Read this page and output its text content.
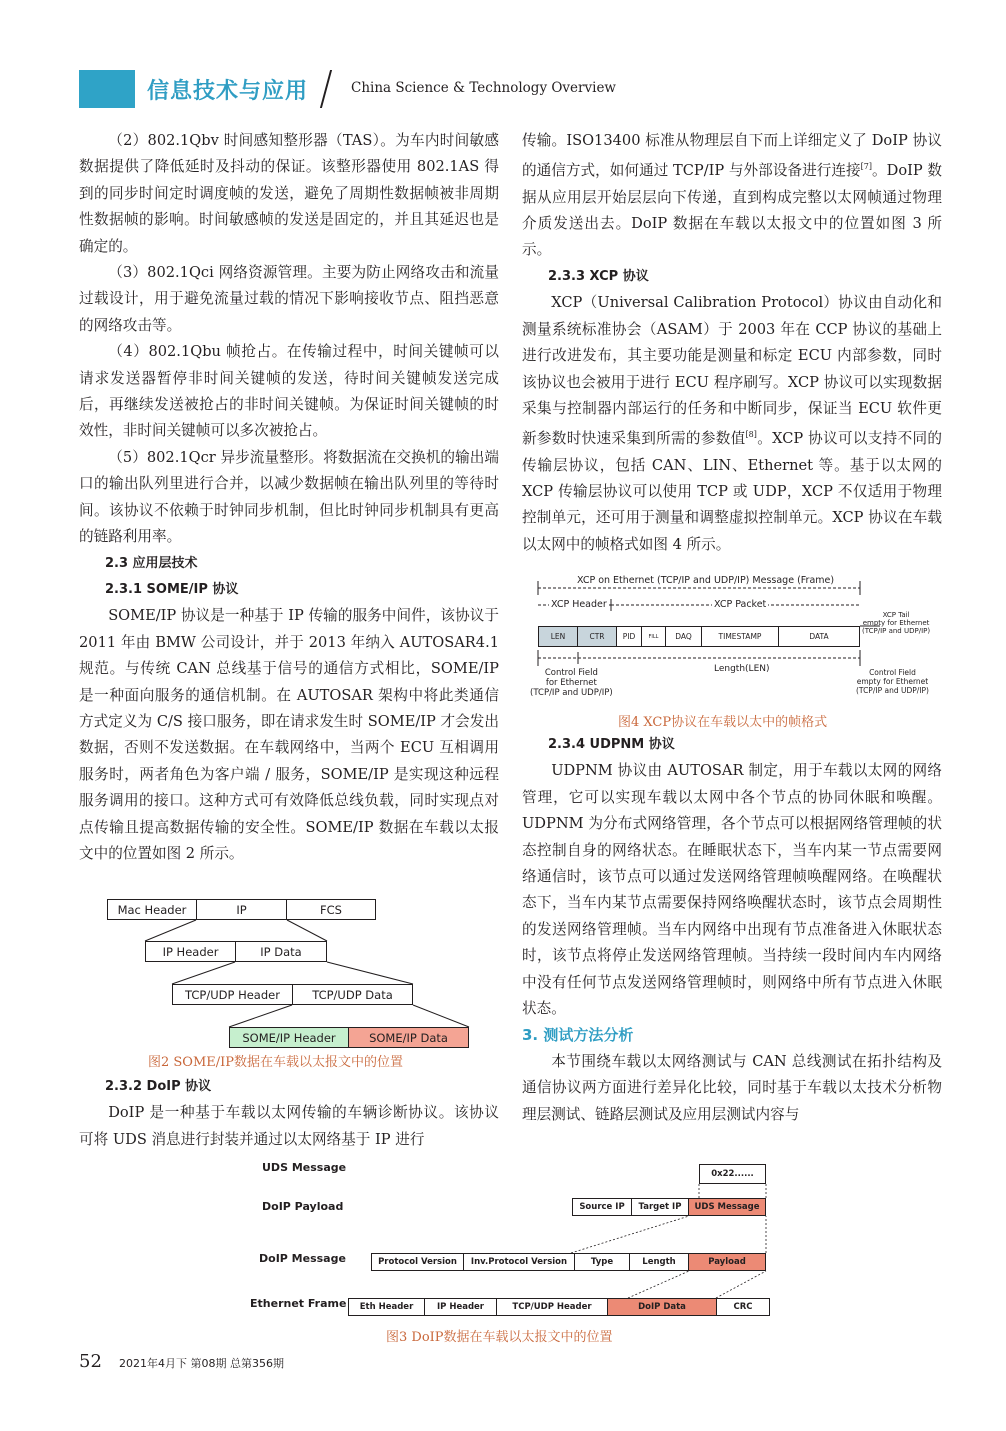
信息技术与应用	China Science & Technology Overview

（2）802.1Qbv 时间感知整形器（TAS）。为车内时间敏感数据提供了降低延时及抖动的保证。该整形器使用 802.1AS 得到的同步时间定时调度帧的发送，避免了周期性数据帧被非周期性数据帧的影响。时间敏感帧的发送是固定的，并且其延迟也是确定的。

（3）802.1Qci 网络资源管理。主要为防止网络攻击和流量过载设计，用于避免流量过载的情况下影响接收节点、阻挡恶意的网络攻击等。

（4）802.1Qbu 帧抢占。在传输过程中，时间关键帧可以请求发送器暂停非时间关键帧的发送，待时间关键帧发送完成后，再继续发送被抢占的非时间关键帧。为保证时间关键帧的时效性，非时间关键帧可以多次被抢占。

（5）802.1Qcr 异步流量整形。将数据流在交换机的输出端口的输出队列里进行合并，以减少数据帧在输出队列里的等待时间。该协议不依赖于时钟同步机制，但比时钟同步机制具有更高的链路利用率。

2.3 应用层技术

2.3.1 SOME/IP 协议

SOME/IP 协议是一种基于 IP 传输的服务中间件，该协议于 2011 年由 BMW 公司设计，并于 2013 年纳入 AUTOSAR4.1 规范。与传统 CAN 总线基于信号的通信方式相比，SOME/IP 是一种面向服务的通信机制。在 AUTOSAR 架构中将此类通信方式定义为 C/S 接口服务，即在请求发生时 SOME/IP 才会发出数据，否则不发送数据。在车载网络中，当两个 ECU 互相调用服务时，两者角色为客户端 / 服务，SOME/IP 是实现这种远程服务调用的接口。这种方式可有效降低总线负载，同时实现点对点传输且提高数据传输的安全性。SOME/IP 数据在车载以太报文中的位置如图 2 所示。

Mac Header	IP	FCS
IP Header	IP Data
TCP/UDP Header	TCP/UDP Data
SOME/IP Header	SOME/IP Data
图2 SOME/IP数据在车载以太报文中的位置

2.3.2 DoIP 协议

DoIP 是一种基于车载以太网传输的车辆诊断协议。该协议可将 UDS 消息进行封装并通过以太网络基于 IP 进行

传输。ISO13400 标准从物理层自下而上详细定义了 DoIP 协议的通信方式，如何通过 TCP/IP 与外部设备进行连接[7]。DoIP 数据从应用层开始层层向下传递，直到构成完整以太网帧通过物理介质发送出去。DoIP 数据在车载以太报文中的位置如图 3 所示。

2.3.3 XCP 协议

XCP（Universal Calibration Protocol）协议由自动化和测量系统标准协会（ASAM）于 2003 年在 CCP 协议的基础上进行改进发布，其主要功能是测量和标定 ECU 内部参数，同时该协议也会被用于进行 ECU 程序刷写。XCP 协议可以实现数据采集与控制器内部运行的任务和中断同步，保证当 ECU 软件更新参数时快速采集到所需的参数值[8]。XCP 协议可以支持不同的传输层协议，包括 CAN、LIN、Ethernet 等。基于以太网的 XCP 传输层协议可以使用 TCP 或 UDP，XCP 不仅适用于物理控制单元，还可用于测量和调整虚拟控制单元。XCP 协议在车载以太网中的帧格式如图 4 所示。

XCP on Ethernet (TCP/IP and UDP/IP) Message (Frame)
XCP Header	XCP Packet
LEN	CTR	PID	FILL	DAQ	TIMESTAMP	DATA
XCP Tail
empty for Ethernet
(TCP/IP and UDP/IP)
Length(LEN)
Control Field
for Ethernet
(TCP/IP and UDP/IP)
Control Field
empty for Ethernet
(TCP/IP and UDP/IP)
图4 XCP协议在车载以太中的帧格式

2.3.4 UDPNM 协议

UDPNM 协议由 AUTOSAR 制定，用于车载以太网的网络管理，它可以实现车载以太网中各个节点的协同休眠和唤醒。UDPNM 为分布式网络管理，各个节点可以根据网络管理帧的状态控制自身的网络状态。在睡眠状态下，当车内某一节点需要网络通信时，该节点可以通过发送网络管理帧唤醒网络。在唤醒状态下，当车内某节点需要保持网络唤醒状态时，该节点会周期性的发送网络管理帧。当车内网络中出现有节点准备进入休眠状态时，该节点将停止发送网络管理帧。当持续一段时间内车内网络中没有任何节点发送网络管理帧时，则网络中所有节点进入休眠状态。

3. 测试方法分析

本节围绕车载以太网络测试与 CAN 总线测试在拓扑结构及通信协议两方面进行差异化比较，同时基于车载以太技术分析物理层测试、链路层测试及应用层测试内容与

UDS Message
DoIP Payload
DoIP Message
Ethernet Frame
0x22......
Source IP	Target IP	UDS Message
Protocol Version	Inv.Protocol Version	Type	Length	Payload
Eth Header	IP Header	TCP/UDP Header	DoIP Data	CRC
图3 DoIP数据在车载以太报文中的位置
52 2021年4月下 第08期 总第356期
